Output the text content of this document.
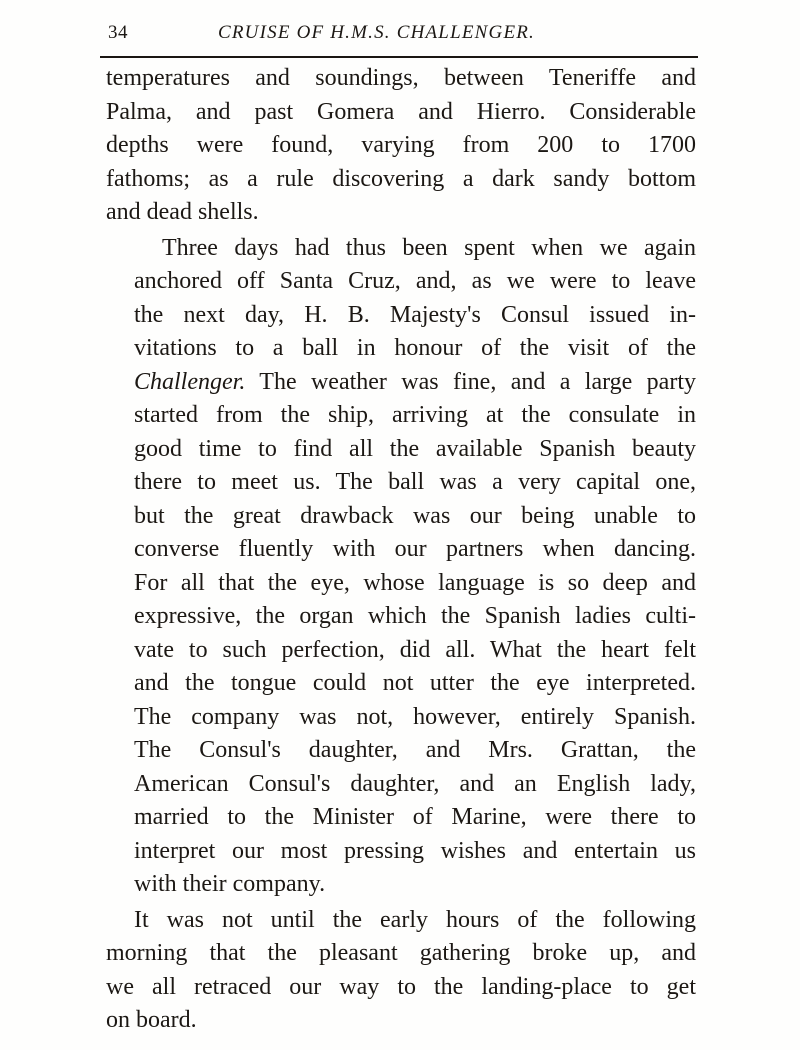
34	CRUISE OF H.M.S. CHALLENGER.

temperatures and soundings, between Teneriffe and
Palma, and past Gomera and Hierro. Considerable
depths were found, varying from 200 to 1700
fathoms; as a rule discovering a dark sandy bottom
and dead shells.

Three days had thus been spent when we again
anchored off Santa Cruz, and, as we were to leave
the next day, H. B. Majesty's Consul issued in-
vitations to a ball in honour of the visit of the
Challenger. The weather was fine, and a large party
started from the ship, arriving at the consulate in
good time to find all the available Spanish beauty
there to meet us. The ball was a very capital one,
but the great drawback was our being unable to
converse fluently with our partners when dancing.
For all that the eye, whose language is so deep and
expressive, the organ which the Spanish ladies culti-
vate to such perfection, did all. What the heart felt
and the tongue could not utter the eye interpreted.
The company was not, however, entirely Spanish.
The Consul's daughter, and Mrs. Grattan, the
American Consul's daughter, and an English lady,
married to the Minister of Marine, were there to
interpret our most pressing wishes and entertain us
with their company.

It was not until the early hours of the following
morning that the pleasant gathering broke up, and
we all retraced our way to the landing-place to get
on board.
